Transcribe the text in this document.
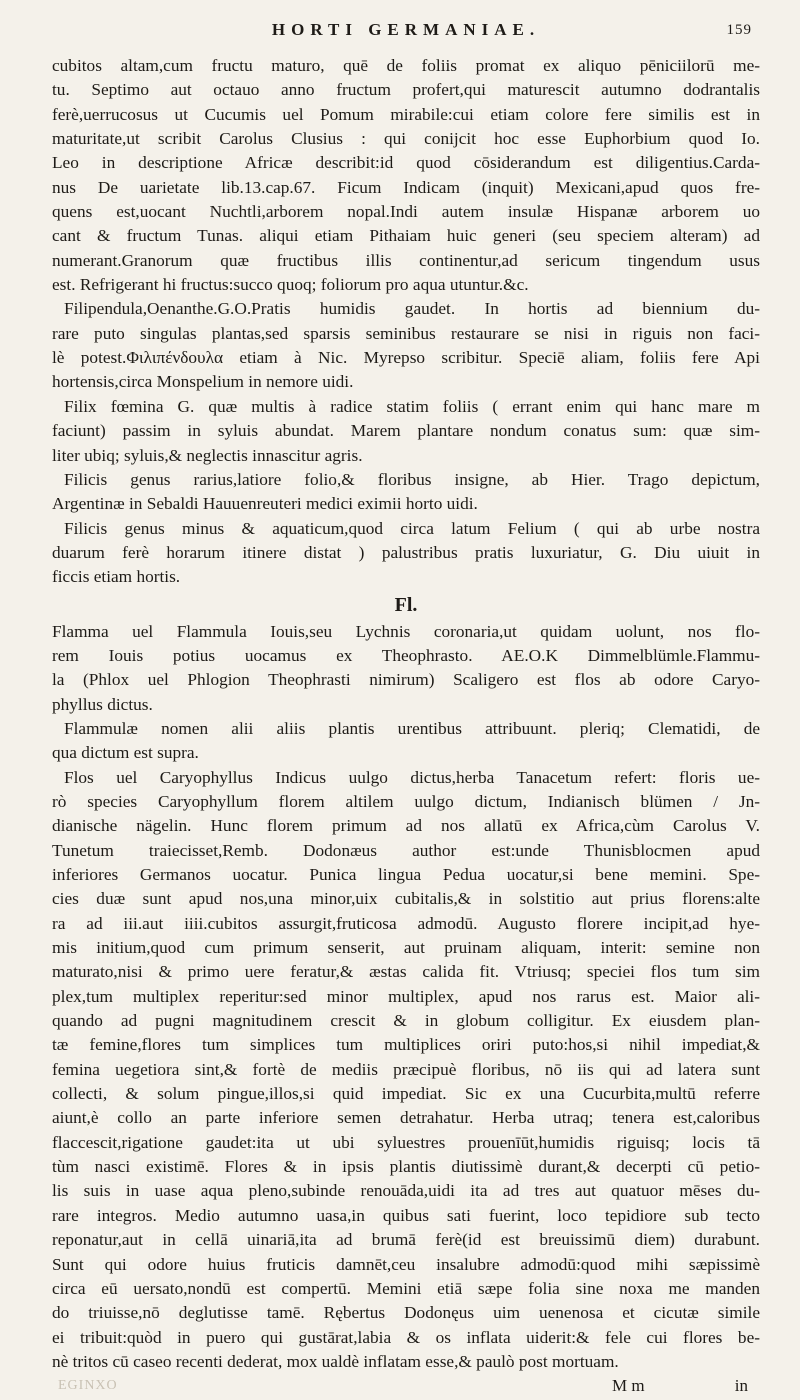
HORTI GERMANIAE.	159
cubitos altam,cum fructu maturo, quē de foliis promat ex aliquo pēniciilorū me-
tu. Septimo aut octauo anno fructum profert,qui maturescit autumno dodrantalis
ferè,uerrucosus ut Cucumis uel Pomum mirabile:cui etiam colore fere similis est in
maturitate,ut scribit Carolus Clusius : qui conijcit hoc esse Euphorbium quod Io.
Leo in descriptione Africæ describit:id quod cōsiderandum est diligentius.Carda-
nus De uarietate lib.13.cap.67. Ficum Indicam (inquit) Mexicani,apud quos fre-
quens est,uocant Nuchtli,arborem nopal.Indi autem insulæ Hispanæ arborem uo
cant & fructum Tunas. aliqui etiam Pithaiam huic generi (seu speciem alteram) ad
numerant.Granorum quæ fructibus illis continentur,ad sericum tingendum usus
est. Refrigerant hi fructus:succo quoq; foliorum pro aqua utuntur.&c.
Filipendula,Oenanthe.G.O.Pratis humidis gaudet. In hortis ad biennium du-
rare puto singulas plantas,sed sparsis seminibus restaurare se nisi in riguis non faci-
lè potest.Φιλιπένδουλα etiam à Nic. Myrepso scribitur. Speciē aliam, foliis fere Api
hortensis,circa Monspelium in nemore uidi.
Filix fœmina G. quæ multis à radice statim foliis ( errant enim qui hanc mare m
faciunt) passim in syluis abundat. Marem plantare nondum conatus sum: quæ sim-
liter ubiq; syluis,& neglectis innascitur agris.
Filicis genus rarius,latiore folio,& floribus insigne, ab Hier. Trago depictum,
Argentinæ in Sebaldi Hauuenreuteri medici eximii horto uidi.
Filicis genus minus & aquaticum,quod circa latum Felium ( qui ab urbe nostra
duarum ferè horarum itinere distat ) palustribus pratis luxuriatur, G. Diu uiuit in
ficcis etiam hortis.
Fl.
Flamma uel Flammula Iouis,seu Lychnis coronaria,ut quidam uolunt, nos flo-
rem Iouis potius uocamus ex Theophrasto. AE.O.K Dimmelblümle.Flammu-
la (Phlox uel Phlogion Theophrasti nimirum) Scaligero est flos ab odore Caryo-
phyllus dictus.
Flammulæ nomen alii aliis plantis urentibus attribuunt. pleriq; Clematidi, de
qua dictum est supra.
Flos uel Caryophyllus Indicus uulgo dictus,herba Tanacetum refert: floris ue-
rò species Caryophyllum florem altilem uulgo dictum, Indianisch blümen / Jn-
dianische nägelin. Hunc florem primum ad nos allatū ex Africa,cùm Carolus V.
Tunetum traiecisset,Remb. Dodonæus author est:unde Thunisblocmen apud
inferiores Germanos uocatur. Punica lingua Pedua uocatur,si bene memini. Spe-
cies duæ sunt apud nos,una minor,uix cubitalis,& in solstitio aut prius florens:alte
ra ad iii.aut iiii.cubitos assurgit,fruticosa admodū. Augusto florere incipit,ad hye-
mis initium,quod cum primum senserit, aut pruinam aliquam, interit: semine non
maturato,nisi & primo uere feratur,& æstas calida fit. Vtriusq; speciei flos tum sim
plex,tum multiplex reperitur:sed minor multiplex, apud nos rarus est. Maior ali-
quando ad pugni magnitudinem crescit & in globum colligitur. Ex eiusdem plan-
tæ femine,flores tum simplices tum multiplices oriri puto:hos,si nihil impediat,&
femina uegetiora sint,& fortè de mediis præcipuè floribus, nō iis qui ad latera sunt
collecti, & solum pingue,illos,si quid impediat. Sic ex una Cucurbita,multū referre
aiunt,è collo an parte inferiore semen detrahatur. Herba utraq; tenera est,caloribus
flaccescit,rigatione gaudet:ita ut ubi syluestres prouenīūt,humidis riguisq; locis tā
tùm nasci existimē. Flores & in ipsis plantis diutissimè durant,& decerpti cū petio-
lis suis in uase aqua pleno,subinde renouāda,uidi ita ad tres aut quatuor mēses du-
rare integros. Medio autumno uasa,in quibus sati fuerint, loco tepidiore sub tecto
reponatur,aut in cellā uinariā,ita ad brumā ferè(id est breuissimū diem) durabunt.
Sunt qui odore huius fruticis damnēt,ceu insalubre admodū:quod mihi sæpissimè
circa eū uersato,nondū est compertū. Memini etiā sæpe folia sine noxa me manden
do triuisse,nō deglutisse tamē. Rębertus Dodonęus uim uenenosa et cicutæ simile
ei tribuit:quòd in puero qui gustārat,labia & os inflata uiderit:& fele cui flores be-
nè tritos cū caseo recenti dederat, mox ualdè inflatam esse,& paulò post mortuam.
EGINXO	M m	in
